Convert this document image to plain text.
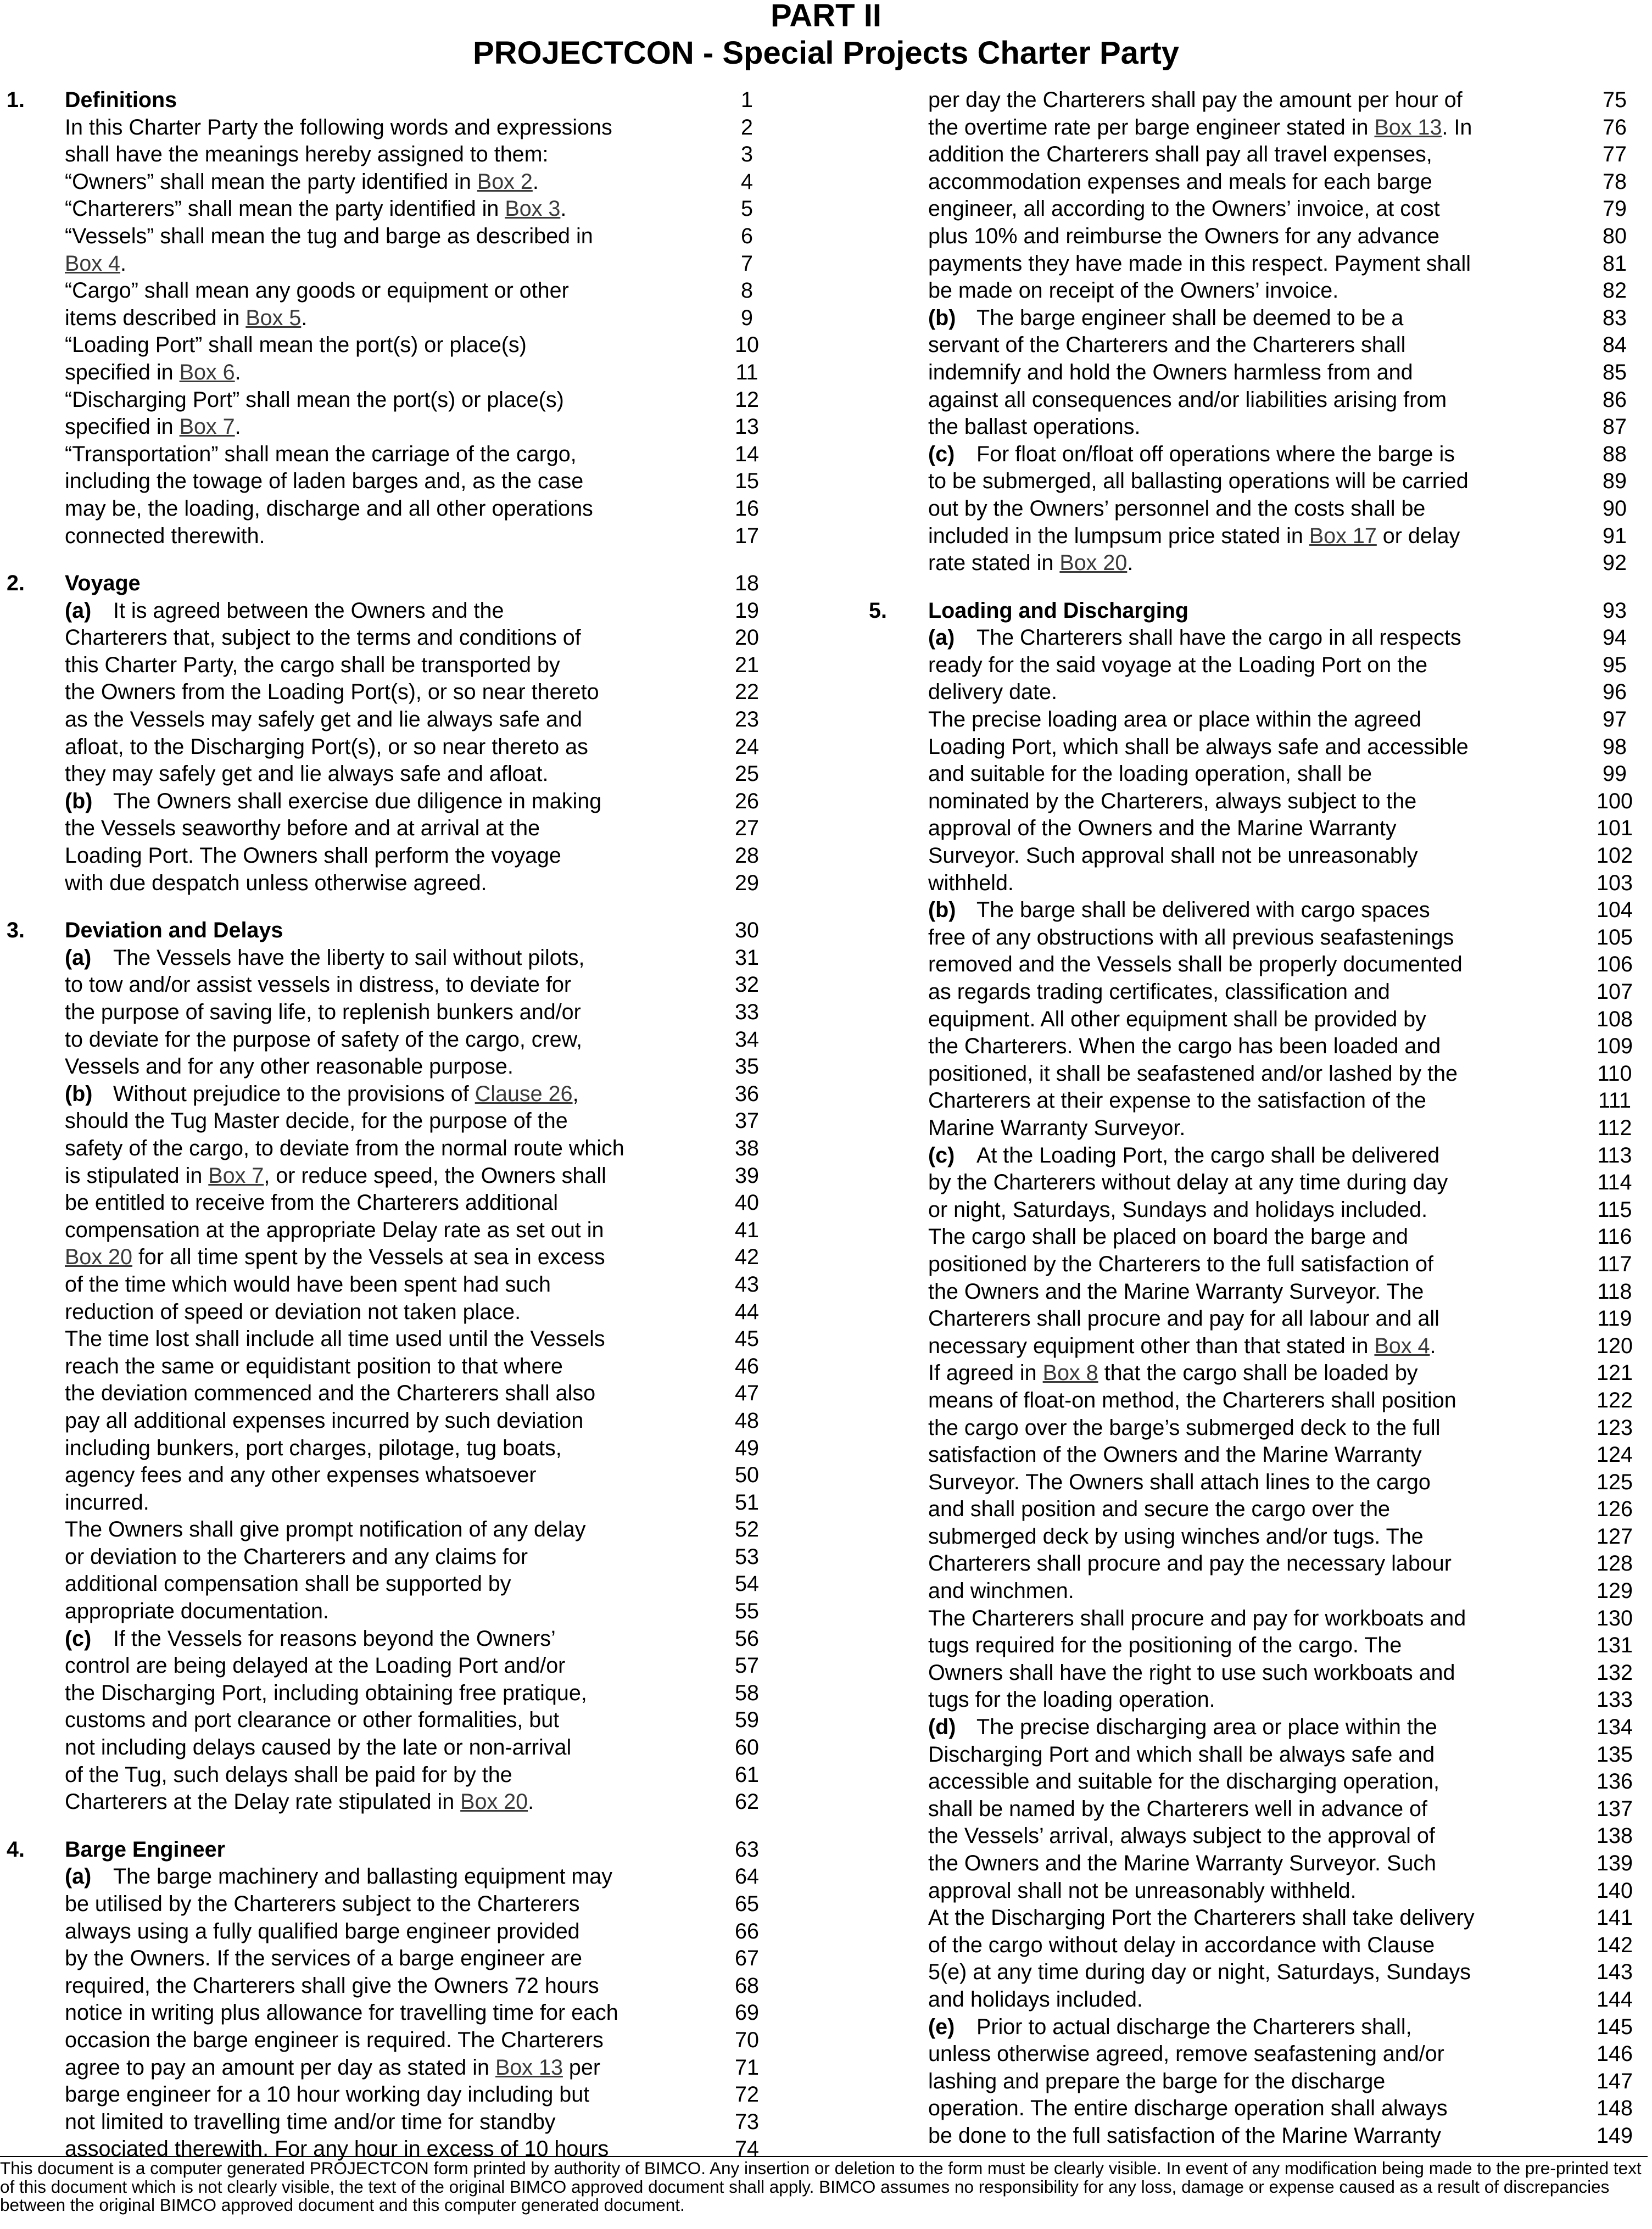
PART II
PROJECTCON - Special Projects Charter Party
1. Definitions	1
In this Charter Party the following words and expressions	2
shall have the meanings hereby assigned to them:	3
“Owners” shall mean the party identified in Box 2.	4
“Charterers” shall mean the party identified in Box 3.	5
“Vessels” shall mean the tug and barge as described in	6
Box 4.	7
“Cargo” shall mean any goods or equipment or other	8
items described in Box 5.	9
“Loading Port” shall mean the port(s) or place(s)	10
specified in Box 6.	11
“Discharging Port” shall mean the port(s) or place(s)	12
specified in Box 7.	13
“Transportation” shall mean the carriage of the cargo,	14
including the towage of laden barges and, as the case	15
may be, the loading, discharge and all other operations	16
connected therewith.	17
2. Voyage	18
(a) It is agreed between the Owners and the	19
Charterers that, subject to the terms and conditions of	20
this Charter Party, the cargo shall be transported by	21
the Owners from the Loading Port(s), or so near thereto	22
as the Vessels may safely get and lie always safe and	23
afloat, to the Discharging Port(s), or so near thereto as	24
they may safely get and lie always safe and afloat.	25
(b) The Owners shall exercise due diligence in making	26
the Vessels seaworthy before and at arrival at the	27
Loading Port. The Owners shall perform the voyage	28
with due despatch unless otherwise agreed.	29
3. Deviation and Delays	30
(a) The Vessels have the liberty to sail without pilots,	31
to tow and/or assist vessels in distress, to deviate for	32
the purpose of saving life, to replenish bunkers and/or	33
to deviate for the purpose of safety of the cargo, crew,	34
Vessels and for any other reasonable purpose.	35
(b) Without prejudice to the provisions of Clause 26,	36
should the Tug Master decide, for the purpose of the	37
safety of the cargo, to deviate from the normal route which	38
is stipulated in Box 7, or reduce speed, the Owners shall	39
be entitled to receive from the Charterers additional	40
compensation at the appropriate Delay rate as set out in	41
Box 20 for all time spent by the Vessels at sea in excess	42
of the time which would have been spent had such	43
reduction of speed or deviation not taken place.	44
The time lost shall include all time used until the Vessels	45
reach the same or equidistant position to that where	46
the deviation commenced and the Charterers shall also	47
pay all additional expenses incurred by such deviation	48
including bunkers, port charges, pilotage, tug boats,	49
agency fees and any other expenses whatsoever	50
incurred.	51
The Owners shall give prompt notification of any delay	52
or deviation to the Charterers and any claims for	53
additional compensation shall be supported by	54
appropriate documentation.	55
(c) If the Vessels for reasons beyond the Owners’	56
control are being delayed at the Loading Port and/or	57
the Discharging Port, including obtaining free pratique,	58
customs and port clearance or other formalities, but	59
not including delays caused by the late or non-arrival	60
of the Tug, such delays shall be paid for by the	61
Charterers at the Delay rate stipulated in Box 20.	62
4. Barge Engineer	63
(a) The barge machinery and ballasting equipment may	64
be utilised by the Charterers subject to the Charterers	65
always using a fully qualified barge engineer provided	66
by the Owners. If the services of a barge engineer are	67
required, the Charterers shall give the Owners 72 hours	68
notice in writing plus allowance for travelling time for each	69
occasion the barge engineer is required. The Charterers	70
agree to pay an amount per day as stated in Box 13 per	71
barge engineer for a 10 hour working day including but	72
not limited to travelling time and/or time for standby	73
associated therewith. For any hour in excess of 10 hours	74
per day the Charterers shall pay the amount per hour of	75
the overtime rate per barge engineer stated in Box 13. In	76
addition the Charterers shall pay all travel expenses,	77
accommodation expenses and meals for each barge	78
engineer, all according to the Owners’ invoice, at cost	79
plus 10% and reimburse the Owners for any advance	80
payments they have made in this respect. Payment shall	81
be made on receipt of the Owners’ invoice.	82
(b) The barge engineer shall be deemed to be a	83
servant of the Charterers and the Charterers shall	84
indemnify and hold the Owners harmless from and	85
against all consequences and/or liabilities arising from	86
the ballast operations.	87
(c) For float on/float off operations where the barge is	88
to be submerged, all ballasting operations will be carried	89
out by the Owners’ personnel and the costs shall be	90
included in the lumpsum price stated in Box 17 or delay	91
rate stated in Box 20.	92
5. Loading and Discharging	93
(a) The Charterers shall have the cargo in all respects	94
ready for the said voyage at the Loading Port on the	95
delivery date.	96
The precise loading area or place within the agreed	97
Loading Port, which shall be always safe and accessible	98
and suitable for the loading operation, shall be	99
nominated by the Charterers, always subject to the	100
approval of the Owners and the Marine Warranty	101
Surveyor. Such approval shall not be unreasonably	102
withheld.	103
(b) The barge shall be delivered with cargo spaces	104
free of any obstructions with all previous seafastenings	105
removed and the Vessels shall be properly documented	106
as regards trading certificates, classification and	107
equipment. All other equipment shall be provided by	108
the Charterers. When the cargo has been loaded and	109
positioned, it shall be seafastened and/or lashed by the	110
Charterers at their expense to the satisfaction of the	111
Marine Warranty Surveyor.	112
(c) At the Loading Port, the cargo shall be delivered	113
by the Charterers without delay at any time during day	114
or night, Saturdays, Sundays and holidays included.	115
The cargo shall be placed on board the barge and	116
positioned by the Charterers to the full satisfaction of	117
the Owners and the Marine Warranty Surveyor. The	118
Charterers shall procure and pay for all labour and all	119
necessary equipment other than that stated in Box 4.	120
If agreed in Box 8 that the cargo shall be loaded by	121
means of float-on method, the Charterers shall position	122
the cargo over the barge’s submerged deck to the full	123
satisfaction of the Owners and the Marine Warranty	124
Surveyor. The Owners shall attach lines to the cargo	125
and shall position and secure the cargo over the	126
submerged deck by using winches and/or tugs. The	127
Charterers shall procure and pay the necessary labour	128
and winchmen.	129
The Charterers shall procure and pay for workboats and	130
tugs required for the positioning of the cargo. The	131
Owners shall have the right to use such workboats and	132
tugs for the loading operation.	133
(d) The precise discharging area or place within the	134
Discharging Port and which shall be always safe and	135
accessible and suitable for the discharging operation,	136
shall be named by the Charterers well in advance of	137
the Vessels’ arrival, always subject to the approval of	138
the Owners and the Marine Warranty Surveyor. Such	139
approval shall not be unreasonably withheld.	140
At the Discharging Port the Charterers shall take delivery	141
of the cargo without delay in accordance with Clause	142
5(e) at any time during day or night, Saturdays, Sundays	143
and holidays included.	144
(e) Prior to actual discharge the Charterers shall,	145
unless otherwise agreed, remove seafastening and/or	146
lashing and prepare the barge for the discharge	147
operation. The entire discharge operation shall always	148
be done to the full satisfaction of the Marine Warranty	149
This document is a computer generated PROJECTCON form printed by authority of BIMCO. Any insertion or deletion to the form must be clearly visible. In event of any modification being made to the pre-printed text of this document which is not clearly visible, the text of the original BIMCO approved document shall apply. BIMCO assumes no responsibility for any loss, damage or expense caused as a result of discrepancies between the original BIMCO approved document and this computer generated document.
